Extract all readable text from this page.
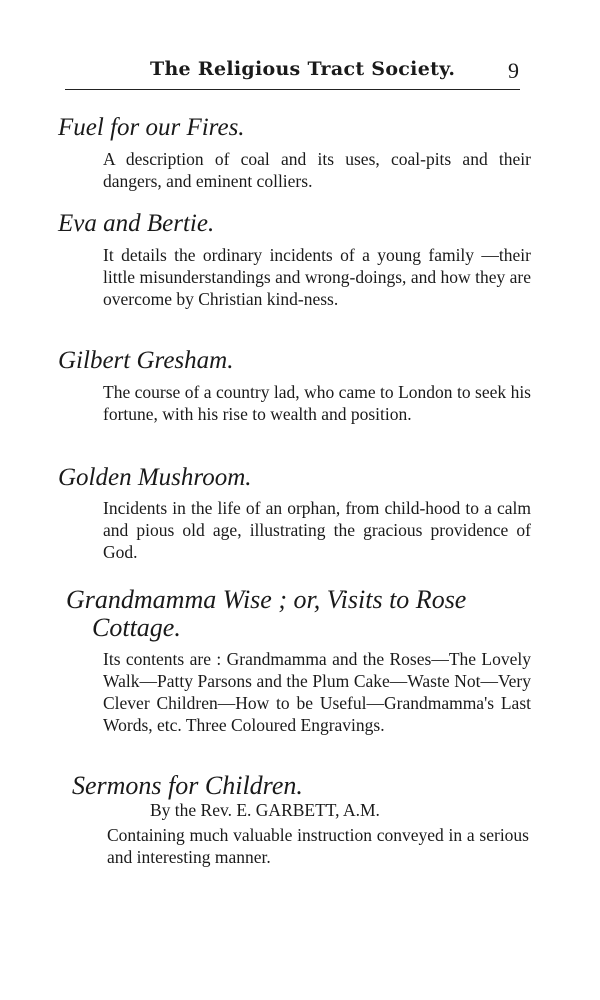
The Religious Tract Society. 9
Fuel for our Fires.
A description of coal and its uses, coal-pits and their dangers, and eminent colliers.
Eva and Bertie.
It details the ordinary incidents of a young family —their little misunderstandings and wrong-doings, and how they are overcome by Christian kind-ness.
Gilbert Gresham.
The course of a country lad, who came to London to seek his fortune, with his rise to wealth and position.
Golden Mushroom.
Incidents in the life of an orphan, from child-hood to a calm and pious old age, illustrating the gracious providence of God.
Grandmamma Wise ; or, Visits to Rose
Cottage.
Its contents are : Grandmamma and the Roses—The Lovely Walk—Patty Parsons and the Plum Cake—Waste Not—Very Clever Children—How to be Useful—Grandmamma's Last Words, etc. Three Coloured Engravings.
Sermons for Children.
By the Rev. E. GARBETT, A.M.
Containing much valuable instruction conveyed in a serious and interesting manner.
